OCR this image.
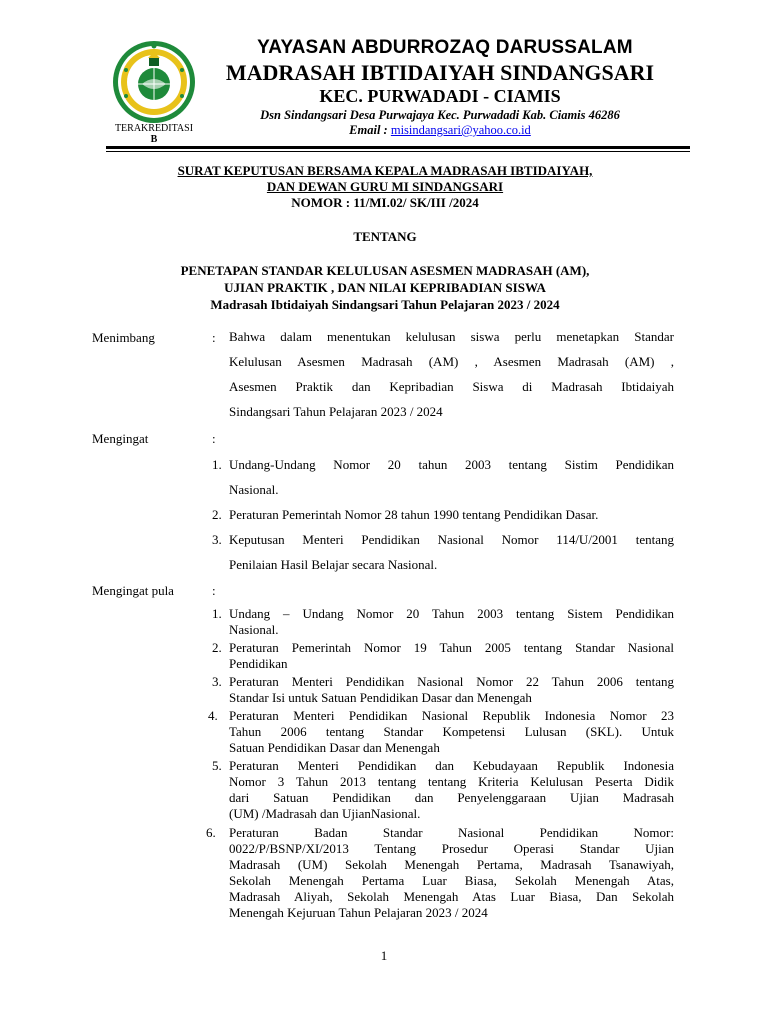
TERAKREDITASI
B
YAYASAN ABDURROZAQ DARUSSALAM
MADRASAH IBTIDAIYAH SINDANGSARI
KEC. PURWADADI - CIAMIS
Dsn Sindangsari Desa Purwajaya Kec. Purwadadi Kab. Ciamis 46286
Email : misindangsari@yahoo.co.id
SURAT KEPUTUSAN BERSAMA KEPALA MADRASAH IBTIDAIYAH,
DAN DEWAN GURU MI SINDANGSARI
NOMOR : 11/MI.02/ SK/III /2024
TENTANG
PENETAPAN STANDAR KELULUSAN ASESMEN MADRASAH (AM),
UJIAN PRAKTIK , DAN NILAI KEPRIBADIAN SISWA
Madrasah Ibtidaiyah Sindangsari Tahun Pelajaran 2023 / 2024
Menimbang	: Bahwa dalam menentukan kelulusan siswa perlu menetapkan Standar
Kelulusan Asesmen Madrasah (AM) , Asesmen Madrasah (AM) ,
Asesmen Praktik dan Kepribadian Siswa di Madrasah Ibtidaiyah
Sindangsari Tahun Pelajaran 2023 / 2024
Mengingat	:
1. Undang-Undang Nomor 20 tahun 2003 tentang Sistim Pendidikan
Nasional.
2. Peraturan Pemerintah Nomor 28 tahun 1990 tentang Pendidikan Dasar.
3. Keputusan Menteri Pendidikan Nasional Nomor 114/U/2001 tentang
Penilaian Hasil Belajar secara Nasional.
Mengingat pula	:
1. Undang – Undang Nomor 20 Tahun 2003 tentang Sistem Pendidikan
Nasional.
2. Peraturan Pemerintah Nomor 19 Tahun 2005 tentang Standar Nasional
Pendidikan
3. Peraturan Menteri Pendidikan Nasional Nomor 22 Tahun 2006 tentang
Standar Isi untuk Satuan Pendidikan Dasar dan Menengah
4. Peraturan Menteri Pendidikan Nasional Republik Indonesia Nomor 23
Tahun 2006 tentang Standar Kompetensi Lulusan (SKL). Untuk
Satuan Pendidikan Dasar dan Menengah
5. Peraturan Menteri Pendidikan dan Kebudayaan Republik Indonesia
Nomor 3 Tahun 2013 tentang tentang Kriteria Kelulusan Peserta Didik
dari Satuan Pendidikan dan Penyelenggaraan Ujian Madrasah
(UM) /Madrasah dan UjianNasional.
6.	Peraturan Badan Standar Nasional Pendidikan Nomor:
0022/P/BSNP/XI/2013 Tentang Prosedur Operasi Standar Ujian
Madrasah (UM) Sekolah Menengah Pertama, Madrasah Tsanawiyah,
Sekolah Menengah Pertama Luar Biasa, Sekolah Menengah Atas,
Madrasah Aliyah, Sekolah Menengah Atas Luar Biasa, Dan Sekolah
Menengah Kejuruan Tahun Pelajaran 2023 / 2024
1
